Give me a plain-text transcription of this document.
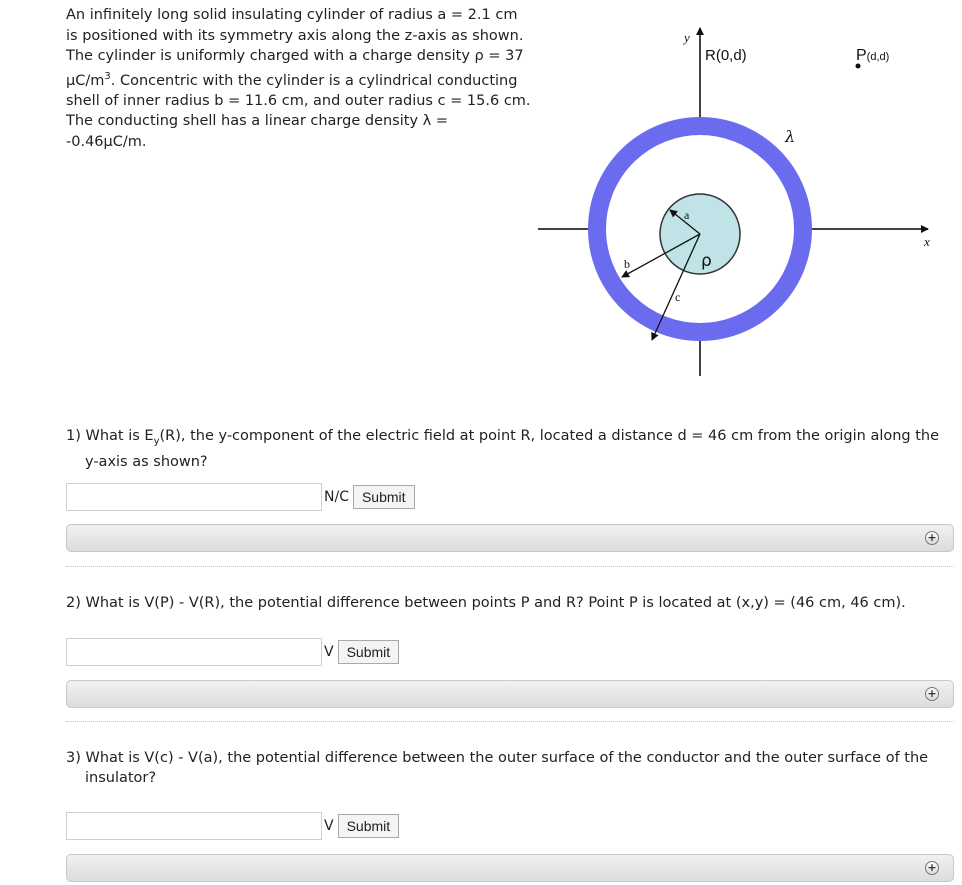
An infinitely long solid insulating cylinder of radius a = 2.1 cm
is positioned with its symmetry axis along the z-axis as shown.
The cylinder is uniformly charged with a charge density ρ = 37
$\mu C/m^3$. Concentric with the cylinder is a cylindrical conducting
shell of inner radius b = 11.6 cm, and outer radius c = 15.6 cm.
The conducting shell has a linear charge density λ =
-0.46μC/m.
y
x
R(0,d)	P(d,d)
λ
ρ
a
b
c
1) What is $E_y(R)$, the y-component of the electric field at point R, located a distance d = 46 cm from the origin along the y-axis as shown?
N/C Submit
+
2) What is V(P) - V(R), the potential difference between points P and R? Point P is located at (x,y) = (46 cm, 46 cm).
V Submit
+
3) What is V(c) - V(a), the potential difference between the outer surface of the conductor and the outer surface of the insulator?
V Submit
+
